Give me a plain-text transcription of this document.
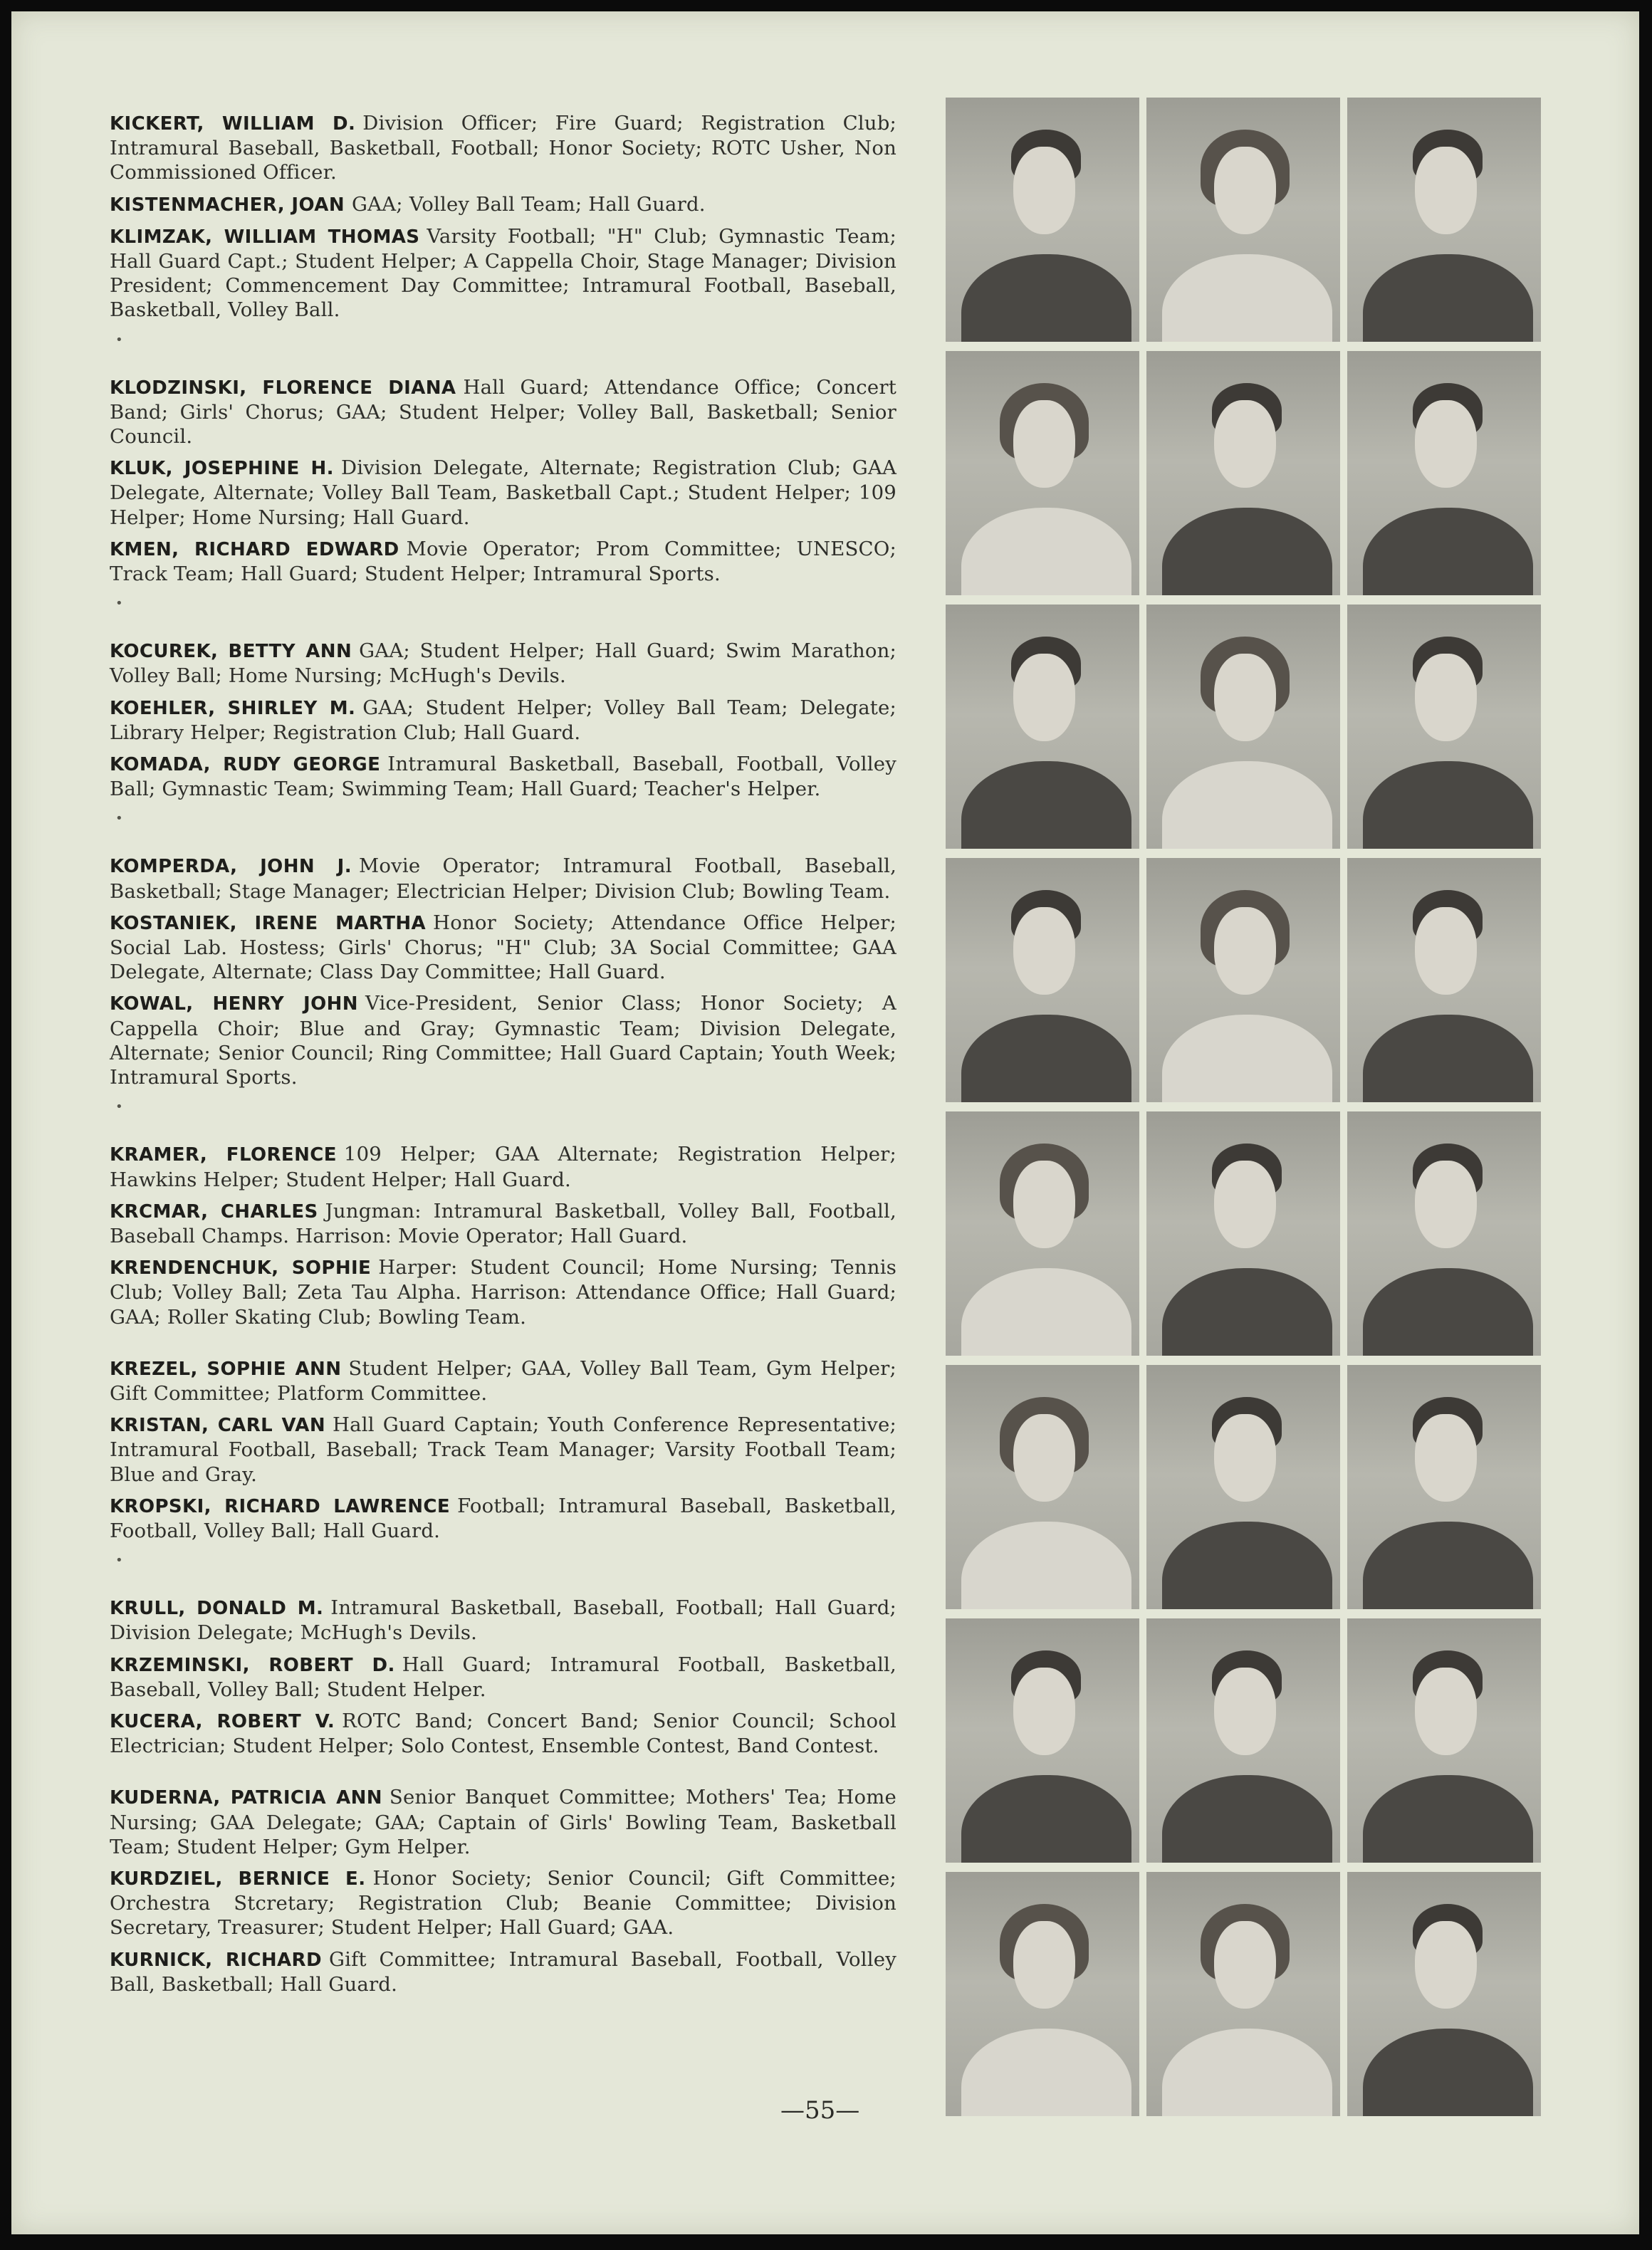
KICKERT, WILLIAM D. Division Officer; Fire Guard; Registration Club; Intramural Baseball, Basketball, Football; Honor Society; ROTC Usher, Non Commissioned Officer.

KISTENMACHER, JOAN GAA; Volley Ball Team; Hall Guard.

KLIMZAK, WILLIAM THOMAS Varsity Football; "H" Club; Gymnastic Team; Hall Guard Capt.; Student Helper; A Cappella Choir, Stage Manager; Division President; Commencement Day Committee; Intramural Football, Baseball, Basketball, Volley Ball.

•

KLODZINSKI, FLORENCE DIANA Hall Guard; Attendance Office; Concert Band; Girls' Chorus; GAA; Student Helper; Volley Ball, Basketball; Senior Council.

KLUK, JOSEPHINE H. Division Delegate, Alternate; Registration Club; GAA Delegate, Alternate; Volley Ball Team, Basketball Capt.; Student Helper; 109 Helper; Home Nursing; Hall Guard.

KMEN, RICHARD EDWARD Movie Operator; Prom Committee; UNESCO; Track Team; Hall Guard; Student Helper; Intramural Sports.

•

KOCUREK, BETTY ANN GAA; Student Helper; Hall Guard; Swim Marathon; Volley Ball; Home Nursing; McHugh's Devils.

KOEHLER, SHIRLEY M. GAA; Student Helper; Volley Ball Team; Delegate; Library Helper; Registration Club; Hall Guard.

KOMADA, RUDY GEORGE Intramural Basketball, Baseball, Football, Volley Ball; Gymnastic Team; Swimming Team; Hall Guard; Teacher's Helper.

•

KOMPERDA, JOHN J. Movie Operator; Intramural Football, Baseball, Basketball; Stage Manager; Electrician Helper; Division Club; Bowling Team.

KOSTANIEK, IRENE MARTHA Honor Society; Attendance Office Helper; Social Lab. Hostess; Girls' Chorus; "H" Club; 3A Social Committee; GAA Delegate, Alternate; Class Day Committee; Hall Guard.

KOWAL, HENRY JOHN Vice-President, Senior Class; Honor Society; A Cappella Choir; Blue and Gray; Gymnastic Team; Division Delegate, Alternate; Senior Council; Ring Committee; Hall Guard Captain; Youth Week; Intramural Sports.

•

KRAMER, FLORENCE 109 Helper; GAA Alternate; Registration Helper; Hawkins Helper; Student Helper; Hall Guard.

KRCMAR, CHARLES Jungman: Intramural Basketball, Volley Ball, Football, Baseball Champs. Harrison: Movie Operator; Hall Guard.

KRENDENCHUK, SOPHIE Harper: Student Council; Home Nursing; Tennis Club; Volley Ball; Zeta Tau Alpha. Harrison: Attendance Office; Hall Guard; GAA; Roller Skating Club; Bowling Team.

KREZEL, SOPHIE ANN Student Helper; GAA, Volley Ball Team, Gym Helper; Gift Committee; Platform Committee.

KRISTAN, CARL VAN Hall Guard Captain; Youth Conference Representative; Intramural Football, Baseball; Track Team Manager; Varsity Football Team; Blue and Gray.

KROPSKI, RICHARD LAWRENCE Football; Intramural Baseball, Basketball, Football, Volley Ball; Hall Guard.

•

KRULL, DONALD M. Intramural Basketball, Baseball, Football; Hall Guard; Division Delegate; McHugh's Devils.

KRZEMINSKI, ROBERT D. Hall Guard; Intramural Football, Basketball, Baseball, Volley Ball; Student Helper.

KUCERA, ROBERT V. ROTC Band; Concert Band; Senior Council; School Electrician; Student Helper; Solo Contest, Ensemble Contest, Band Contest.

KUDERNA, PATRICIA ANN Senior Banquet Committee; Mothers' Tea; Home Nursing; GAA Delegate; GAA; Captain of Girls' Bowling Team, Basketball Team; Student Helper; Gym Helper.

KURDZIEL, BERNICE E. Honor Society; Senior Council; Gift Committee; Orchestra Stcretary; Registration Club; Beanie Committee; Division Secretary, Treasurer; Student Helper; Hall Guard; GAA.

KURNICK, RICHARD Gift Committee; Intramural Baseball, Football, Volley Ball, Basketball; Hall Guard.

—55—
